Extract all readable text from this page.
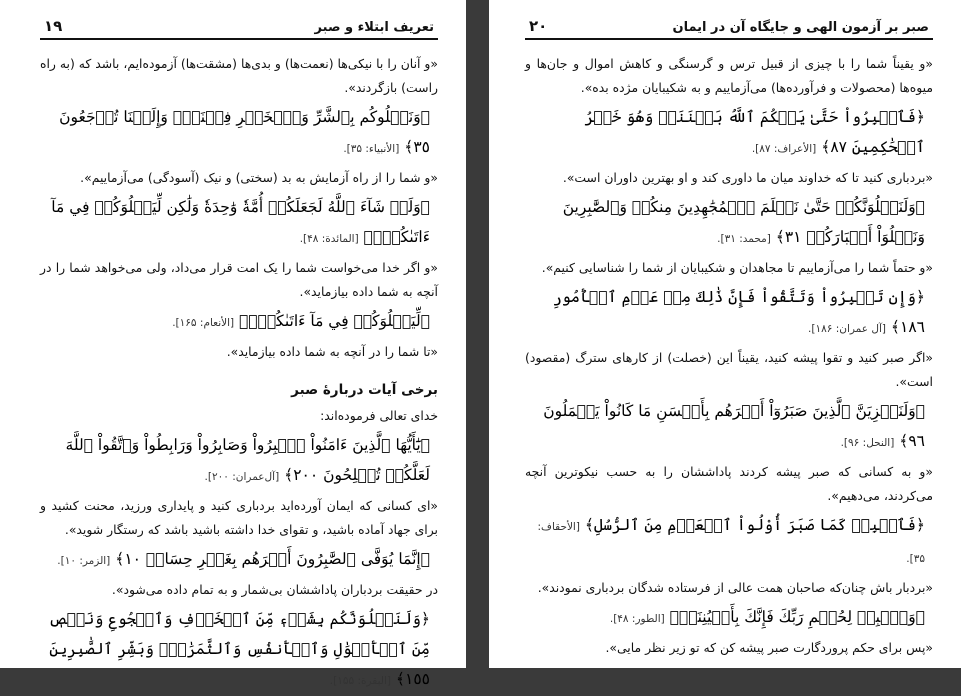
تعریف ابتلاء و صبر
۱۹

«و آنان را با نیکی‌ها (نعمت‌ها) و بدی‌ها (مشقت‌ها) آزموده‌ایم، باشد که (به راه راست) بازگردند».

﴿وَنَبۡلُوكُم بِٱلشَّرِّ وَٱلۡخَيۡرِ فِتۡنَةٗۖ وَإِلَيۡنَا تُرۡجَعُونَ ٣٥﴾ [الأنبیاء: ۳۵].

«و شما را از راه آزمایش به بد (سختی) و نیک (آسودگی) می‌آزماییم».

﴿وَلَوۡ شَآءَ ٱللَّهُ لَجَعَلَكُمۡ أُمَّةٗ وَٰحِدَةٗ وَلَٰكِن لِّيَبۡلُوَكُمۡ فِي مَآ ءَاتَىٰكُمۡۖ﴾ [المائدة: ۴۸].

«و اگر خدا می‌خواست شما را یک امت قرار می‌داد، ولی می‌خواهد شما را در آنچه به شما داده بیازماید».

﴿لِّيَبۡلُوَكُمۡ فِي مَآ ءَاتَىٰكُمۡۗ﴾ [الأنعام: ۱۶۵].

«تا شما را در آنچه به شما داده بیازماید».

برخی آیات دربارۀ صبر

خدای تعالی فرموده‌اند:

﴿يَٰٓأَيُّهَا ٱلَّذِينَ ءَامَنُواْ ٱصۡبِرُواْ وَصَابِرُواْ وَرَابِطُواْ وَٱتَّقُواْ ٱللَّهَ لَعَلَّكُمۡ تُفۡلِحُونَ ٢٠٠﴾ [آل‌عمران: ۲۰۰].

«ای کسانی که ایمان آورده‌اید بردباری کنید و پایداری ورزید، محنت کشید و برای جهاد آماده باشید، و تقوای خدا داشته باشید باشد که رستگار شوید».

﴿إِنَّمَا يُوَفَّى ٱلصَّٰبِرُونَ أَجۡرَهُم بِغَيۡرِ حِسَابٖ ١٠﴾ [الزمر: ۱۰].

در حقیقت بردباران پاداششان بی‌شمار و به تمام داده می‌شود».

﴿وَلَنَبۡلُوَنَّكُم بِشَيۡءٖ مِّنَ ٱلۡخَوۡفِ وَٱلۡجُوعِ وَنَقۡصٖ مِّنَ ٱلۡأَمۡوَٰلِ وَٱلۡأَنفُسِ وَٱلثَّمَرَٰتِۗ وَبَشِّرِ ٱلصَّٰبِرِينَ ١٥٥﴾ [البقرة: ۱۵۵].
صبر بر آزمون الهی و جایگاه آن در ایمان
۲۰

«و یقیناً شما را با چیزی از قبیل ترس و گرسنگی و کاهش اموال و جان‌ها و میوه‌ها (محصولات و فرآورده‌ها) می‌آزماییم و به شکیبایان مژده بده».

﴿فَٱصۡبِرُواْ حَتَّىٰ يَحۡكُمَ ٱللَّهُ بَيۡنَنَاۚ وَهُوَ خَيۡرُ ٱلۡحَٰكِمِينَ ٨٧﴾ [الأعراف: ۸۷].

«بردباری کنید تا که خداوند میان ما داوری کند و او بهترین داوران است».

﴿وَلَنَبۡلُوَنَّكُمۡ حَتَّىٰ نَعۡلَمَ ٱلۡمُجَٰهِدِينَ مِنكُمۡ وَٱلصَّٰبِرِينَ وَنَبۡلُوَاْ أَخۡبَارَكُمۡ ٣١﴾ [محمد: ۳۱].

«و حتماً شما را می‌آزماییم تا مجاهدان و شکیبایان از شما را شناسایی کنیم».

﴿وَإِن تَصۡبِرُواْ وَتَتَّقُواْ فَإِنَّ ذَٰلِكَ مِنۡ عَزۡمِ ٱلۡأُمُورِ ١٨٦﴾ [آل عمران: ۱۸۶].

«اگر صبر کنید و تقوا پیشه کنید، یقیناً این (خصلت) از کارهای سترگ (مقصود) است».

﴿وَلَنَجۡزِيَنَّ ٱلَّذِينَ صَبَرُوٓاْ أَجۡرَهُم بِأَحۡسَنِ مَا كَانُواْ يَعۡمَلُونَ ٩٦﴾ [النحل: ۹۶].

«و به کسانی که صبر پیشه کردند پاداششان را به حسب نیکوترین آنچه می‌کردند، می‌دهیم».

﴿فَٱصۡبِرۡ كَمَا صَبَرَ أُوْلُواْ ٱلۡعَزۡمِ مِنَ ٱلرُّسُلِ﴾ [الأحقاف: ۳۵].

«بردبار باش چنان‌که صاحبان همت عالی از فرستاده شدگان بردباری نمودند».

﴿وَٱصۡبِرۡ لِحُكۡمِ رَبِّكَ فَإِنَّكَ بِأَعۡيُنِنَاۖ﴾ [الطور: ۴۸].

«پس برای حکم پروردگارت صبر پیشه کن که تو زیر نظر مایی».
